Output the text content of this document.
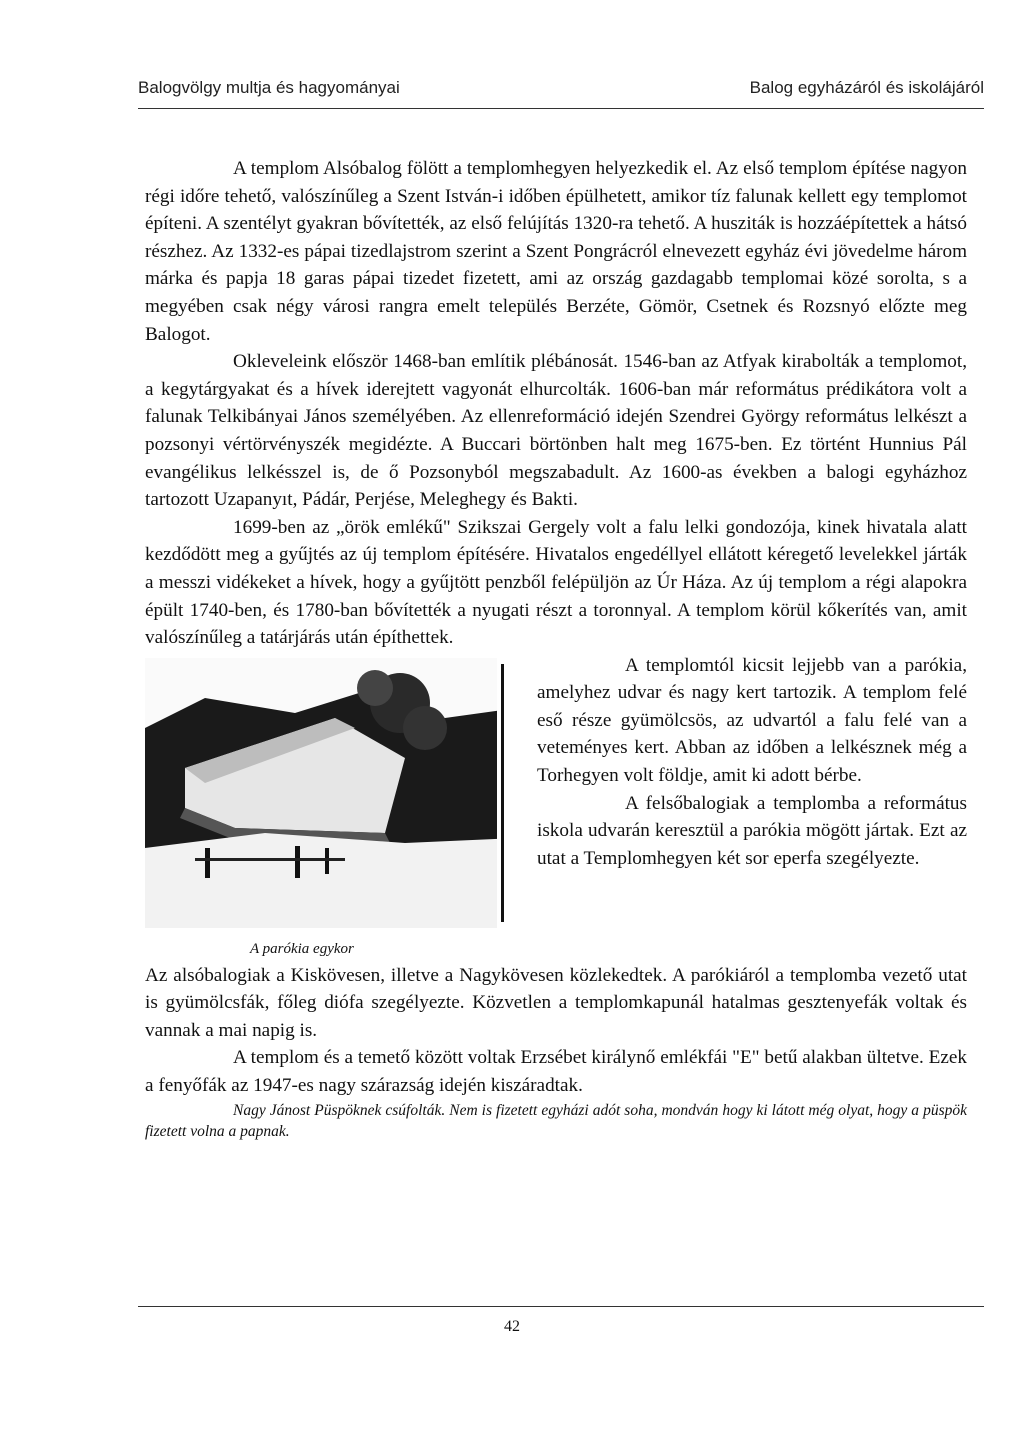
Balogvölgy multja és hagyományai	Balog egyházáról és iskolájáról

A templom Alsóbalog fölött a templomhegyen helyezkedik el. Az első templom építése nagyon régi időre tehető, valószínűleg a Szent István-i időben épülhetett, amikor tíz falunak kellett egy templomot építeni. A szentélyt gyakran bővítették, az első felújítás 1320-ra tehető. A husziták is hozzáépítettek a hátsó részhez. Az 1332-es pápai tizedlajstrom szerint a Szent Pongrácról elnevezett egyház évi jövedelme három márka és papja 18 garas pápai tizedet fizetett, ami az ország gazdagabb templomai közé sorolta, s a megyében csak négy városi rangra emelt település Berzéte, Gömör, Csetnek és Rozsnyó előzte meg Balogot.

Okleveleink először 1468-ban említik plébánosát. 1546-ban az Atfyak kirabolták a templomot, a kegytárgyakat és a hívek iderejtett vagyonát elhurcolták. 1606-ban már református prédikátora volt a falunak Telkibányai János személyében. Az ellenreformáció idején Szendrei György református lelkészt a pozsonyi vértörvényszék megidézte. A Buccari börtönben halt meg 1675-ben. Ez történt Hunnius Pál evangélikus lelkésszel is, de ő Pozsonyból megszabadult. Az 1600-as években a balogi egyházhoz tartozott Uzapanyıt, Pádár, Perjése, Meleghegy és Bakti.

1699-ben az „örök emlékű" Szikszai Gergely volt a falu lelki gondozója, kinek hivatala alatt kezdődött meg a gyűjtés az új templom építésére. Hivatalos engedéllyel ellátott kéregető levelekkel járták a messzi vidékeket a hívek, hogy a gyűjtött penzből felépüljön az Úr Háza. Az új templom a régi alapokra épült 1740-ben, és 1780-ban bővítették a nyugati részt a toronnyal. A templom körül kőkerítés van, amit valószínűleg a tatárjárás után építhettek.

A parókia egykor

A templomtól kicsit lejjebb van a parókia, amelyhez udvar és nagy kert tartozik. A templom felé eső része gyümölcsös, az udvartól a falu felé van a veteményes kert. Abban az időben a lelkésznek még a Torhegyen volt földje, amit ki adott bérbe.

A felsőbalogiak a templomba a református iskola udvarán keresztül a parókia mögött jártak. Ezt az utat a Templomhegyen két sor eperfa szegélyezte.

Az alsóbalogiak a Kiskövesen, illetve a Nagykövesen közlekedtek. A parókiáról a templomba vezető utat is gyümölcsfák, főleg diófa szegélyezte. Közvetlen a templomkapunál hatalmas gesztenyefák voltak és vannak a mai napig is.

A templom és a temető között voltak Erzsébet királynő emlékfái "E" betű alakban ültetve. Ezek a fenyőfák az 1947-es nagy szárazság idején kiszáradtak.

Nagy Jánost Püspöknek csúfolták. Nem is fizetett egyházi adót soha, mondván hogy ki látott még olyat, hogy a püspök fizetett volna a papnak.

42
